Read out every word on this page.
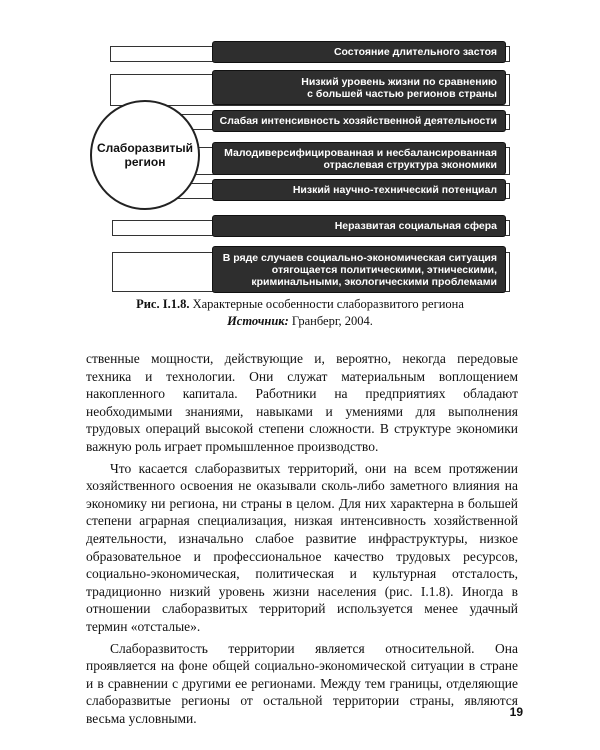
Состояние длительного застоя
Низкий уровень жизни по сравнению
с большей частью регионов страны
Слабая интенсивность хозяйственной деятельности
Малодиверсифицированная и несбалансированная
отраслевая структура экономики
Низкий научно-технический потенциал
Неразвитая социальная сфера
В ряде случаев социально-экономическая ситуация
отягощается политическими, этническими,
криминальными, экологическими проблемами
Слаборазвитый
регион
Рис. I.1.8. Характерные особенности слаборазвитого региона
Источник: Гранберг, 2004.

ственные мощности, действующие и, вероятно, некогда передовые техника и технологии. Они служат материальным воплощением накопленного капитала. Работники на предприятиях обладают необходимыми знаниями, навыками и умениями для выполнения трудовых операций высокой степени сложности. В структуре экономики важную роль играет промышленное производство.

Что касается слаборазвитых территорий, они на всем протяжении хозяйственного освоения не оказывали сколь-либо заметного влияния на экономику ни региона, ни страны в целом. Для них характерна в большей степени аграрная специализация, низкая интенсивность хозяйственной деятельности, изначально слабое развитие инфраструктуры, низкое образовательное и профессиональное качество трудовых ресурсов, социально-экономическая, политическая и культурная отсталость, традиционно низкий уровень жизни населения (рис. I.1.8). Иногда в отношении слаборазвитых территорий используется менее удачный термин «отсталые».

Слаборазвитость территории является относительной. Она проявляется на фоне общей социально-экономической ситуации в стране и в сравнении с другими ее регионами. Между тем границы, отделяющие слаборазвитые регионы от остальной территории страны, являются весьма условными.	19
